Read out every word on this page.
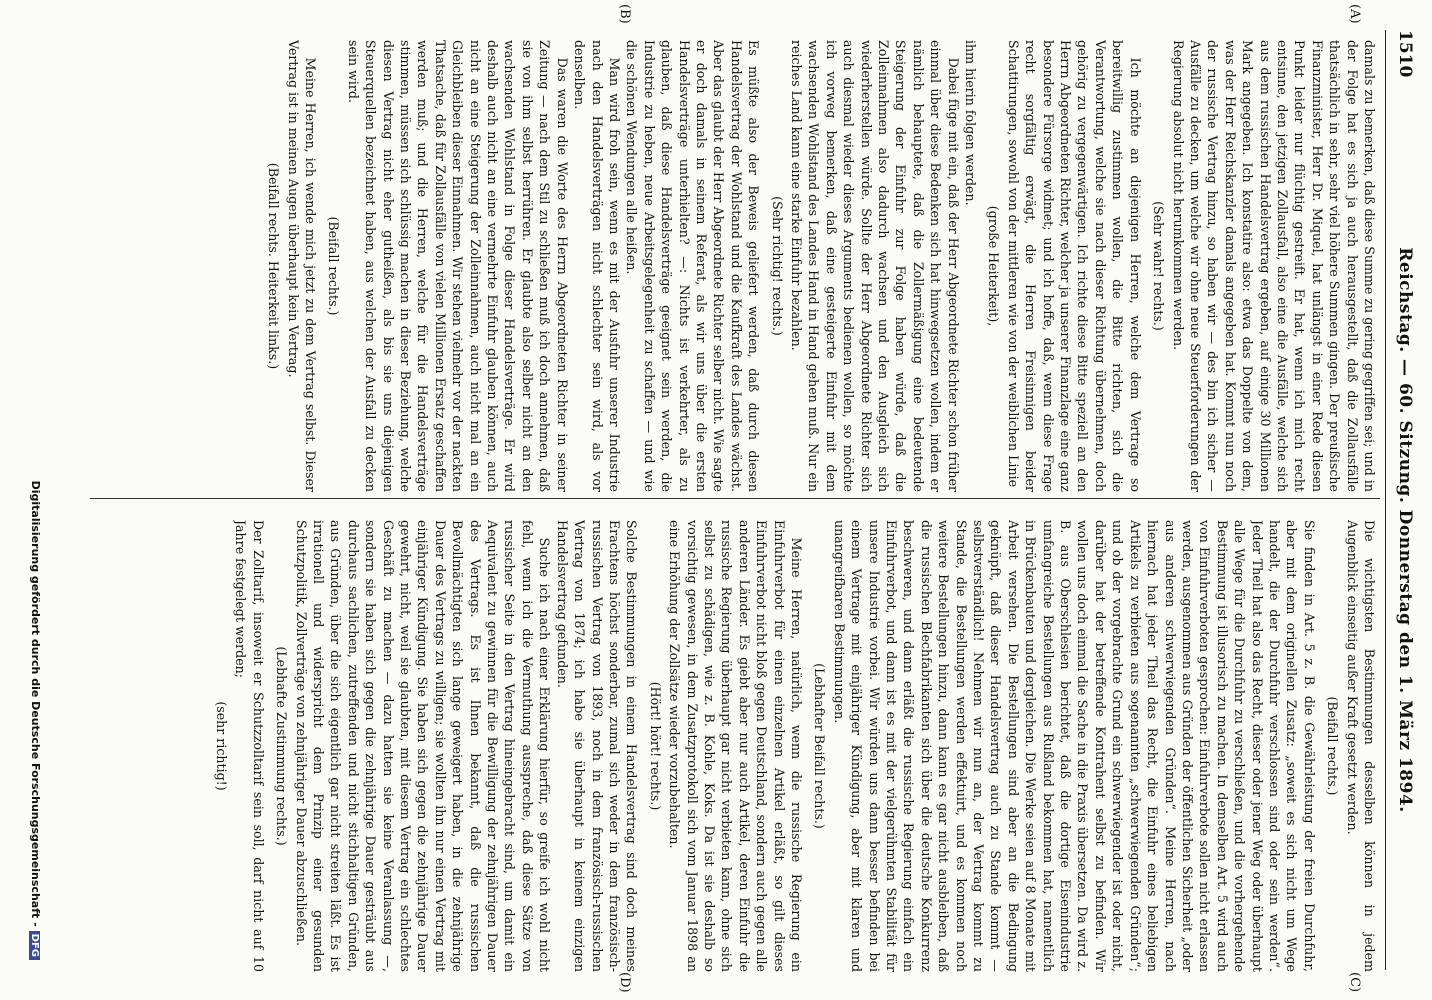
1510
Reichstag. — 60. Sitzung. Donnerstag den 1. März 1894.
(A)
(B)
(C)
(D)

damals zu bemerken, daß diese Summe zu gering gegriffen sei; und in der Folge hat es sich ja auch herausgestellt, daß die Zollausfälle thatsächlich in sehr, sehr viel höhere Summen gingen. Der preußische Finanzminister, Herr Dr. Miquel, hat unlängst in einer Rede diesen Punkt leider nur flüchtig gestreift. Er hat, wenn ich mich recht entsinne, den jetzigen Zollausfall, also eine die Ausfälle, welche sich aus dem russischen Handelsvertrag ergeben, auf einige 30 Millionen Mark angegeben. Ich konstatire also: etwa das Doppelte von dem, was der Herr Reichskanzler damals angegeben hat. Kommt nun noch der russische Vertrag hinzu, so haben wir — des bin ich sicher — Ausfälle zu decken, um welche wir ohne neue Steuerforderungen der Regierung absolut nicht herumkommen werden.

(Sehr wahr! rechts.)

Ich möchte an diejenigen Herren, welche dem Vertrage so bereitwillig zustimmen wollen, die Bitte richten, sich die Verantwortung, welche sie nach dieser Richtung übernehmen, doch gehörig zu vergegenwärtigen. Ich richte diese Bitte speziell an den Herrn Abgeordneten Richter, welcher ja unserer Finanzlage eine ganz besondere Fürsorge widmet; und ich hoffe, daß, wenn diese Frage recht sorgfältig erwägt, die Herren Freisinnigen beider Schattirungen, sowohl von der mittleren wie von der weiblichen Linie

(große Heiterkeit),

ihm hierin folgen werden.

Dabei füge mit ein, daß der Herr Abgeordnete Richter schon früher einmal über diese Bedenken sich hat hinwegsetzen wollen, indem er nämlich behauptete, daß die Zollermäßigung eine bedeutende Steigerung der Einfuhr zur Folge haben würde, daß die Zolleinnahmen also dadurch wachsen und den Ausgleich sich wiederherstellen würde. Sollte der Herr Abgeordnete Richter sich auch diesmal wieder dieses Arguments bedienen wollen, so möchte ich vorweg bemerken, daß eine gesteigerte Einfuhr mit dem wachsenden Wohlstand des Landes Hand in Hand gehen muß. Nur ein reiches Land kann eine starke Einfuhr bezahlen.

(Sehr richtig! rechts.)

Es müßte also der Beweis geliefert werden, daß durch diesen Handelsvertrag der Wohlstand und die Kaufkraft des Landes wächst. Aber das glaubt der Herr Abgeordnete Richter selber nicht. Wie sagte er doch damals in seinem Referat, als wir uns über die ersten Handelsverträge unterhielten? —: Nichts ist verkehrter, als zu glauben, daß diese Handelsverträge geeignet sein werden, die Industrie zu heben, neue Arbeitsgelegenheit zu schaffen — und wie die schönen Wendungen alle heißen.

Man wird froh sein, wenn es mit der Ausfuhr unserer Industrie nach den Handelsverträgen nicht schlechter sein wird, als vor denselben.

Das waren die Worte des Herrn Abgeordneten Richter in seiner Zeitung — nach dem Stil zu schließen muß ich doch annehmen, daß sie von ihm selbst herrühren. Er glaubte also selber nicht an den wachsenden Wohlstand in Folge dieser Handelsverträge. Er wird deshalb auch nicht an eine vermehrte Einfuhr glauben können, auch nicht an eine Steigerung der Zolleinnahmen, auch nicht mal an ein Gleichbleiben dieser Einnahmen. Wir stehen vielmehr vor der nackten Thatsache, daß für Zollausfälle von vielen Millionen Ersatz geschaffen werden muß; und die Herren, welche für die Handelsverträge stimmen, müssen sich schlüssig machen in dieser Beziehung, welche diesen Vertrag nicht eher gutheißen, als bis sie uns diejenigen Steuerquellen bezeichnet haben, aus welchen der Ausfall zu decken sein wird.

(Beifall rechts.)

Meine Herren, ich wende mich jetzt zu dem Vertrag selbst. Dieser Vertrag ist in meinen Augen überhaupt kein Vertrag.

(Beifall rechts. Heiterkeit links.)

Die wichtigsten Bestimmungen desselben können in jedem Augenblick einseitig außer Kraft gesetzt werden.

(Beifall rechts.)

Sie finden in Art. 5 z. B. die Gewährleistung der freien Durchfuhr, aber mit dem originellen Zusatz: „soweit es sich nicht um Wege handelt, die der Durchfuhr verschlossen sind oder sein werden“. Jeder Theil hat also das Recht, dieser oder jener Weg oder überhaupt alle Wege für die Durchfuhr zu verschließen, und die vorhergehende Bestimmung ist illusorisch zu machen. In demselben Art. 5 wird auch von Einfuhrverboten gesprochen: Einfuhrverbote sollen nicht erlassen werden, ausgenommen aus Gründen der öffentlichen Sicherheit „oder aus anderen schwerwiegenden Gründen“. Meine Herren, nach hiernach hat jeder Theil das Recht, die Einfuhr eines beliebigen Artikels zu verbieten aus sogenannten „schwerwiegenden Gründen“; und ob der vorgebrachte Grund ein schwerwiegender ist oder nicht, darüber hat der betreffende Kontrahent selbst zu befinden. Wir wollen uns doch einmal die Sache in die Praxis übersetzen. Da wird z. B. aus Oberschlesien berichtet, daß die dortige Eisenindustrie umfangreiche Bestellungen aus Rußland bekommen hat, namentlich in Brückenbauten und dergleichen. Die Werke seien auf 8 Monate mit Arbeit versehen. Die Bestellungen sind aber an die Bedingung geknüpft, daß dieser Handelsvertrag auch zu Stande kommt — selbstverständlich! Nehmen wir nun an, der Vertrag kommt zu Stande, die Bestellungen werden effektuirt, und es kommen noch weitere Bestellungen hinzu, dann kann es gar nicht ausbleiben, daß die russischen Blechfabrikanten sich über die deutsche Konkurrenz beschweren, und dann erläßt die russische Regierung einfach ein Einfuhrverbot, und dann ist es mit der vielgerühmten Stabilität für unsere Industrie vorbei. Wir würden uns dann besser befinden bei einem Vertrage mit einjähriger Kündigung, aber mit klaren und unangreifbaren Bestimmungen.

(Lebhafter Beifall rechts.)

Meine Herren, natürlich, wenn die russische Regierung ein Einfuhrverbot für einen einzelnen Artikel erläßt, so gilt dieses Einfuhrverbot nicht bloß gegen Deutschland, sondern auch gegen alle anderen Länder. Es giebt aber nur auch Artikel, deren Einfuhr die russische Regierung überhaupt gar nicht verbieten kann, ohne sich selbst zu schädigen, wie z. B. Kohle, Koks. Da ist sie deshalb so vorsichtig gewesen, in dem Zusatzprotokoll sich vom Januar 1898 an eine Erhöhung der Zollsätze wieder vorzubehalten.

(Hört! hört! rechts.)

Solche Bestimmungen in einem Handelsvertrag sind doch meines Erachtens höchst sonderbar, zumal sich weder in dem französisch-russischen Vertrag von 1893, noch in dem französisch-russischen Vertrag von 1874; ich habe sie überhaupt in keinem einzigen Handelsvertrag gefunden.

Suche ich nach einer Erklärung hierfür, so greife ich wohl nicht fehl, wenn ich die Vermuthung ausspreche, daß diese Sätze von russischer Seite in den Vertrag hineingebracht sind, um damit ein Aequivalent zu gewinnen für die Bewilligung der zehnjährigen Dauer des Vertrags. Es ist Ihnen bekannt, daß die russischen Bevollmächtigten sich lange geweigert haben, in die zehnjährige Dauer des Vertrags zu willigen; sie wollten ihn nur einen Vertrag mit einjähriger Kündigung. Sie haben sich gegen die zehnjährige Dauer gewehrt, nicht, weil sie glaubten, mit diesem Vertrag ein schlechtes Geschäft zu machen — dazu hatten sie keine Veranlassung —, sondern sie haben sich gegen die zehnjährige Dauer gesträubt aus durchaus sachlichen, zutreffenden und nicht stichhaltigen Gründen, aus Gründen, über die sich eigentlich gar nicht streiten läßt. Es ist irrationell und widerspricht dem Prinzip einer gesunden Schutzpolitik, Zollverträge von zehnjähriger Dauer abzuschließen.

(Lebhafte Zustimmung rechts.)

Der Zolltarif, insoweit er Schutzzolltarif sein soll, darf nicht auf 10 Jahre festgelegt werden;

(sehr richtig!)

Digitalisierung gefördert durch die Deutsche Forschungsgemeinschaft -DFG
